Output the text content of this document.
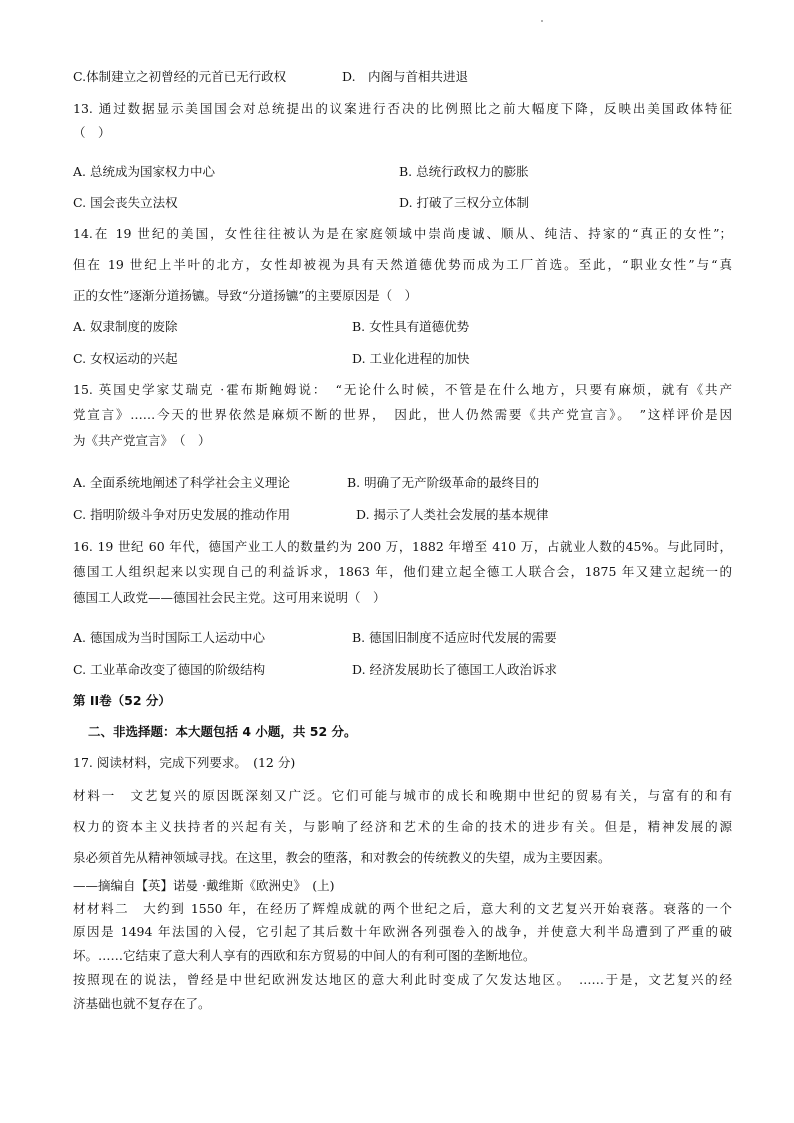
C.体制建立之初曾经的元首已无行政权	D.　内阁与首相共进退
13. 通过数据显示美国国会对总统提出的议案进行否决的比例照比之前大幅度下降，反映出美国政体特征
（　）
A. 总统成为国家权力中心	B. 总统行政权力的膨胀
C. 国会丧失立法权	D. 打破了三权分立体制
14.在 19 世纪的美国，女性往往被认为是在家庭领域中崇尚虔诚、顺从、纯洁、持家的“真正的女性”；
但在 19 世纪上半叶的北方，女性却被视为具有天然道德优势而成为工厂首选。至此，“职业女性”与“真
正的女性”逐渐分道扬镳。导致“分道扬镳”的主要原因是（　）
A. 奴隶制度的废除	B. 女性具有道德优势
C. 女权运动的兴起	D. 工业化进程的加快
15. 英国史学家艾瑞克 ·霍布斯鲍姆说：　“无论什么时候，不管是在什么地方，只要有麻烦，就有《共产
党宣言》……今天的世界依然是麻烦不断的世界，　因此，世人仍然需要《共产党宣言》。　”这样评价是因
为《共产党宣言》　（　）
A. 全面系统地阐述了科学社会主义理论	B. 明确了无产阶级革命的最终目的
C. 指明阶级斗争对历史发展的推动作用	D. 揭示了人类社会发展的基本规律
16. 19 世纪 60 年代，德国产业工人的数量约为 200 万，1882 年增至 410 万，占就业人数的45%。与此同时，
德国工人组织起来以实现自己的利益诉求，1863 年，他们建立起全德工人联合会，1875 年又建立起统一的
德国工人政党——德国社会民主党。这可用来说明（　）
A. 德国成为当时国际工人运动中心	B. 德国旧制度不适应时代发展的需要
C. 工业革命改变了德国的阶级结构	D. 经济发展助长了德国工人政治诉求
第 II卷（52 分）
二、非选择题：本大题包括 4 小题，共 52 分。
17. 阅读材料，完成下列要求。　(12 分)
材料一　文艺复兴的原因既深刻又广泛。它们可能与城市的成长和晚期中世纪的贸易有关，与富有的和有
权力的资本主义扶持者的兴起有关，与影响了经济和艺术的生命的技术的进步有关。但是，精神发展的源
泉必须首先从精神领域寻找。在这里，教会的堕落，和对教会的传统教义的失望，成为主要因素。
——摘编自【英】诺曼 ·戴维斯《欧洲史》　(上)
材材料二　大约到 1550 年，在经历了辉煌成就的两个世纪之后，意大利的文艺复兴开始衰落。衰落的一个
原因是 1494 年法国的入侵，它引起了其后数十年欧洲各列强卷入的战争，并使意大利半岛遭到了严重的破
坏。……它结束了意大利人享有的西欧和东方贸易的中间人的有利可图的垄断地位。
按照现在的说法，曾经是中世纪欧洲发达地区的意大利此时变成了欠发达地区。　……于是，文艺复兴的经
济基础也就不复存在了。
